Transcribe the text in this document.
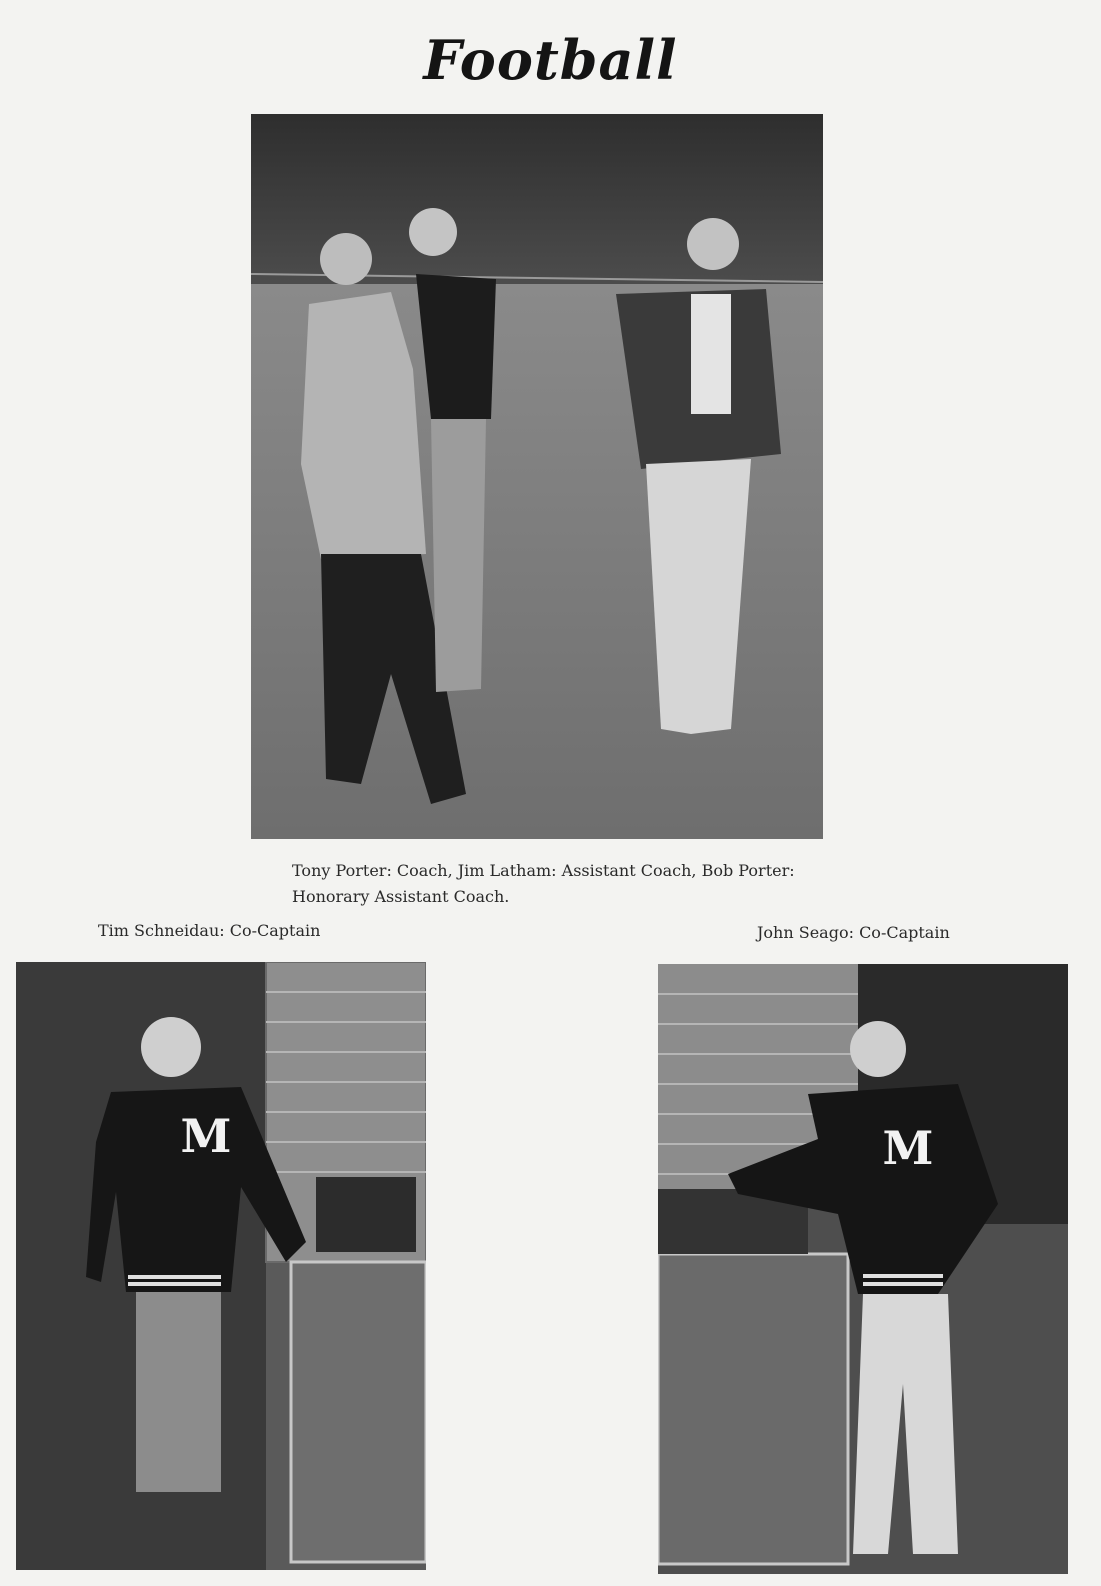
Football
Tony Porter: Coach, Jim Latham: Assistant Coach, Bob Porter: Honorary Assistant Coach.
Tim Schneidau: Co-Captain	John Seago: Co-Captain
M	M
